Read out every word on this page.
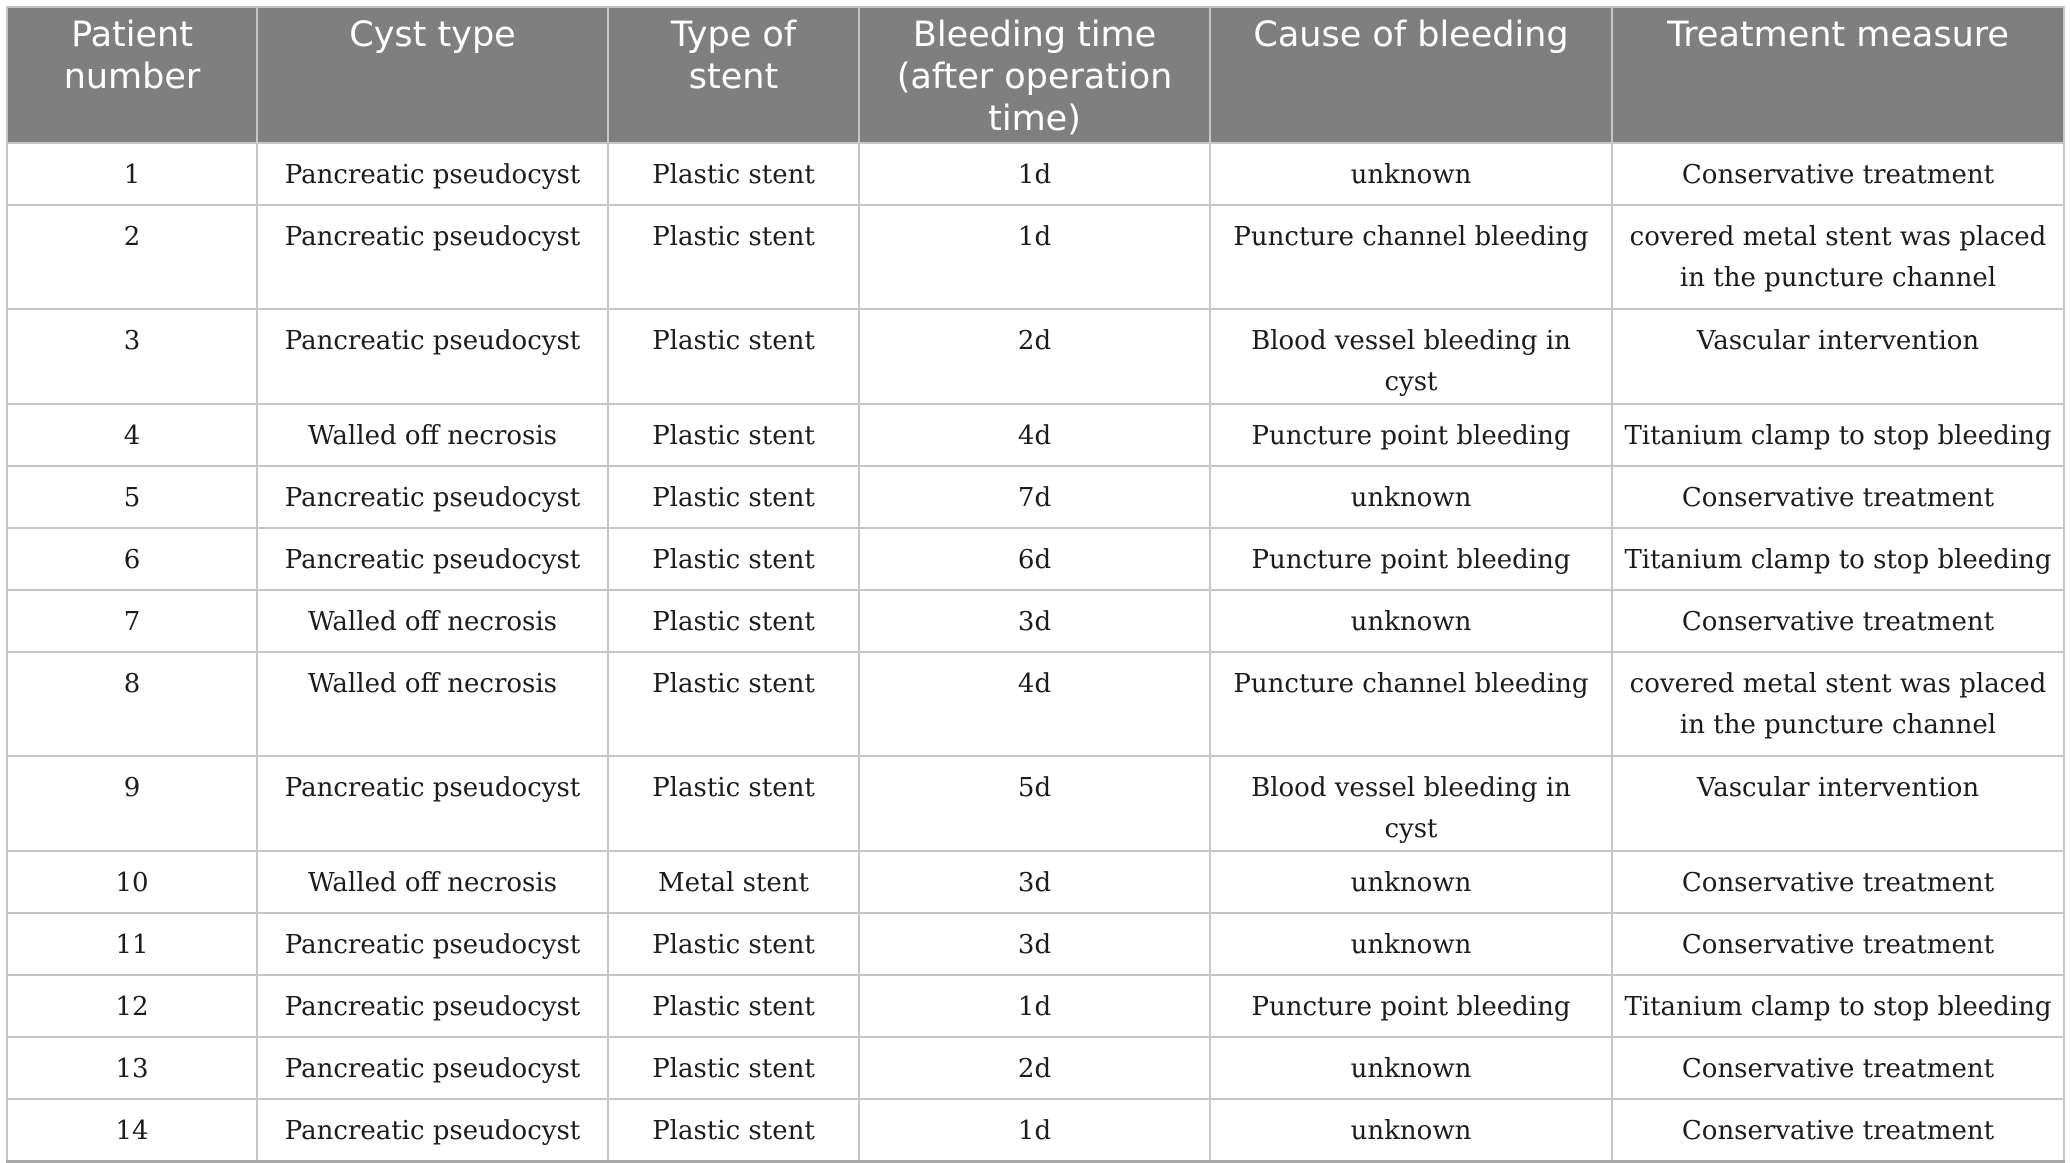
Patient number	Cyst type	Type of stent	Bleeding time (after operation time)	Cause of bleeding	Treatment measure
1	Pancreatic pseudocyst	Plastic stent	1d	unknown	Conservative treatment
2	Pancreatic pseudocyst	Plastic stent	1d	Puncture channel bleeding	covered metal stent was placed in the puncture channel
3	Pancreatic pseudocyst	Plastic stent	2d	Blood vessel bleeding in cyst	Vascular intervention
4	Walled off necrosis	Plastic stent	4d	Puncture point bleeding	Titanium clamp to stop bleeding
5	Pancreatic pseudocyst	Plastic stent	7d	unknown	Conservative treatment
6	Pancreatic pseudocyst	Plastic stent	6d	Puncture point bleeding	Titanium clamp to stop bleeding
7	Walled off necrosis	Plastic stent	3d	unknown	Conservative treatment
8	Walled off necrosis	Plastic stent	4d	Puncture channel bleeding	covered metal stent was placed in the puncture channel
9	Pancreatic pseudocyst	Plastic stent	5d	Blood vessel bleeding in cyst	Vascular intervention
10	Walled off necrosis	Metal stent	3d	unknown	Conservative treatment
11	Pancreatic pseudocyst	Plastic stent	3d	unknown	Conservative treatment
12	Pancreatic pseudocyst	Plastic stent	1d	Puncture point bleeding	Titanium clamp to stop bleeding
13	Pancreatic pseudocyst	Plastic stent	2d	unknown	Conservative treatment
14	Pancreatic pseudocyst	Plastic stent	1d	unknown	Conservative treatment
